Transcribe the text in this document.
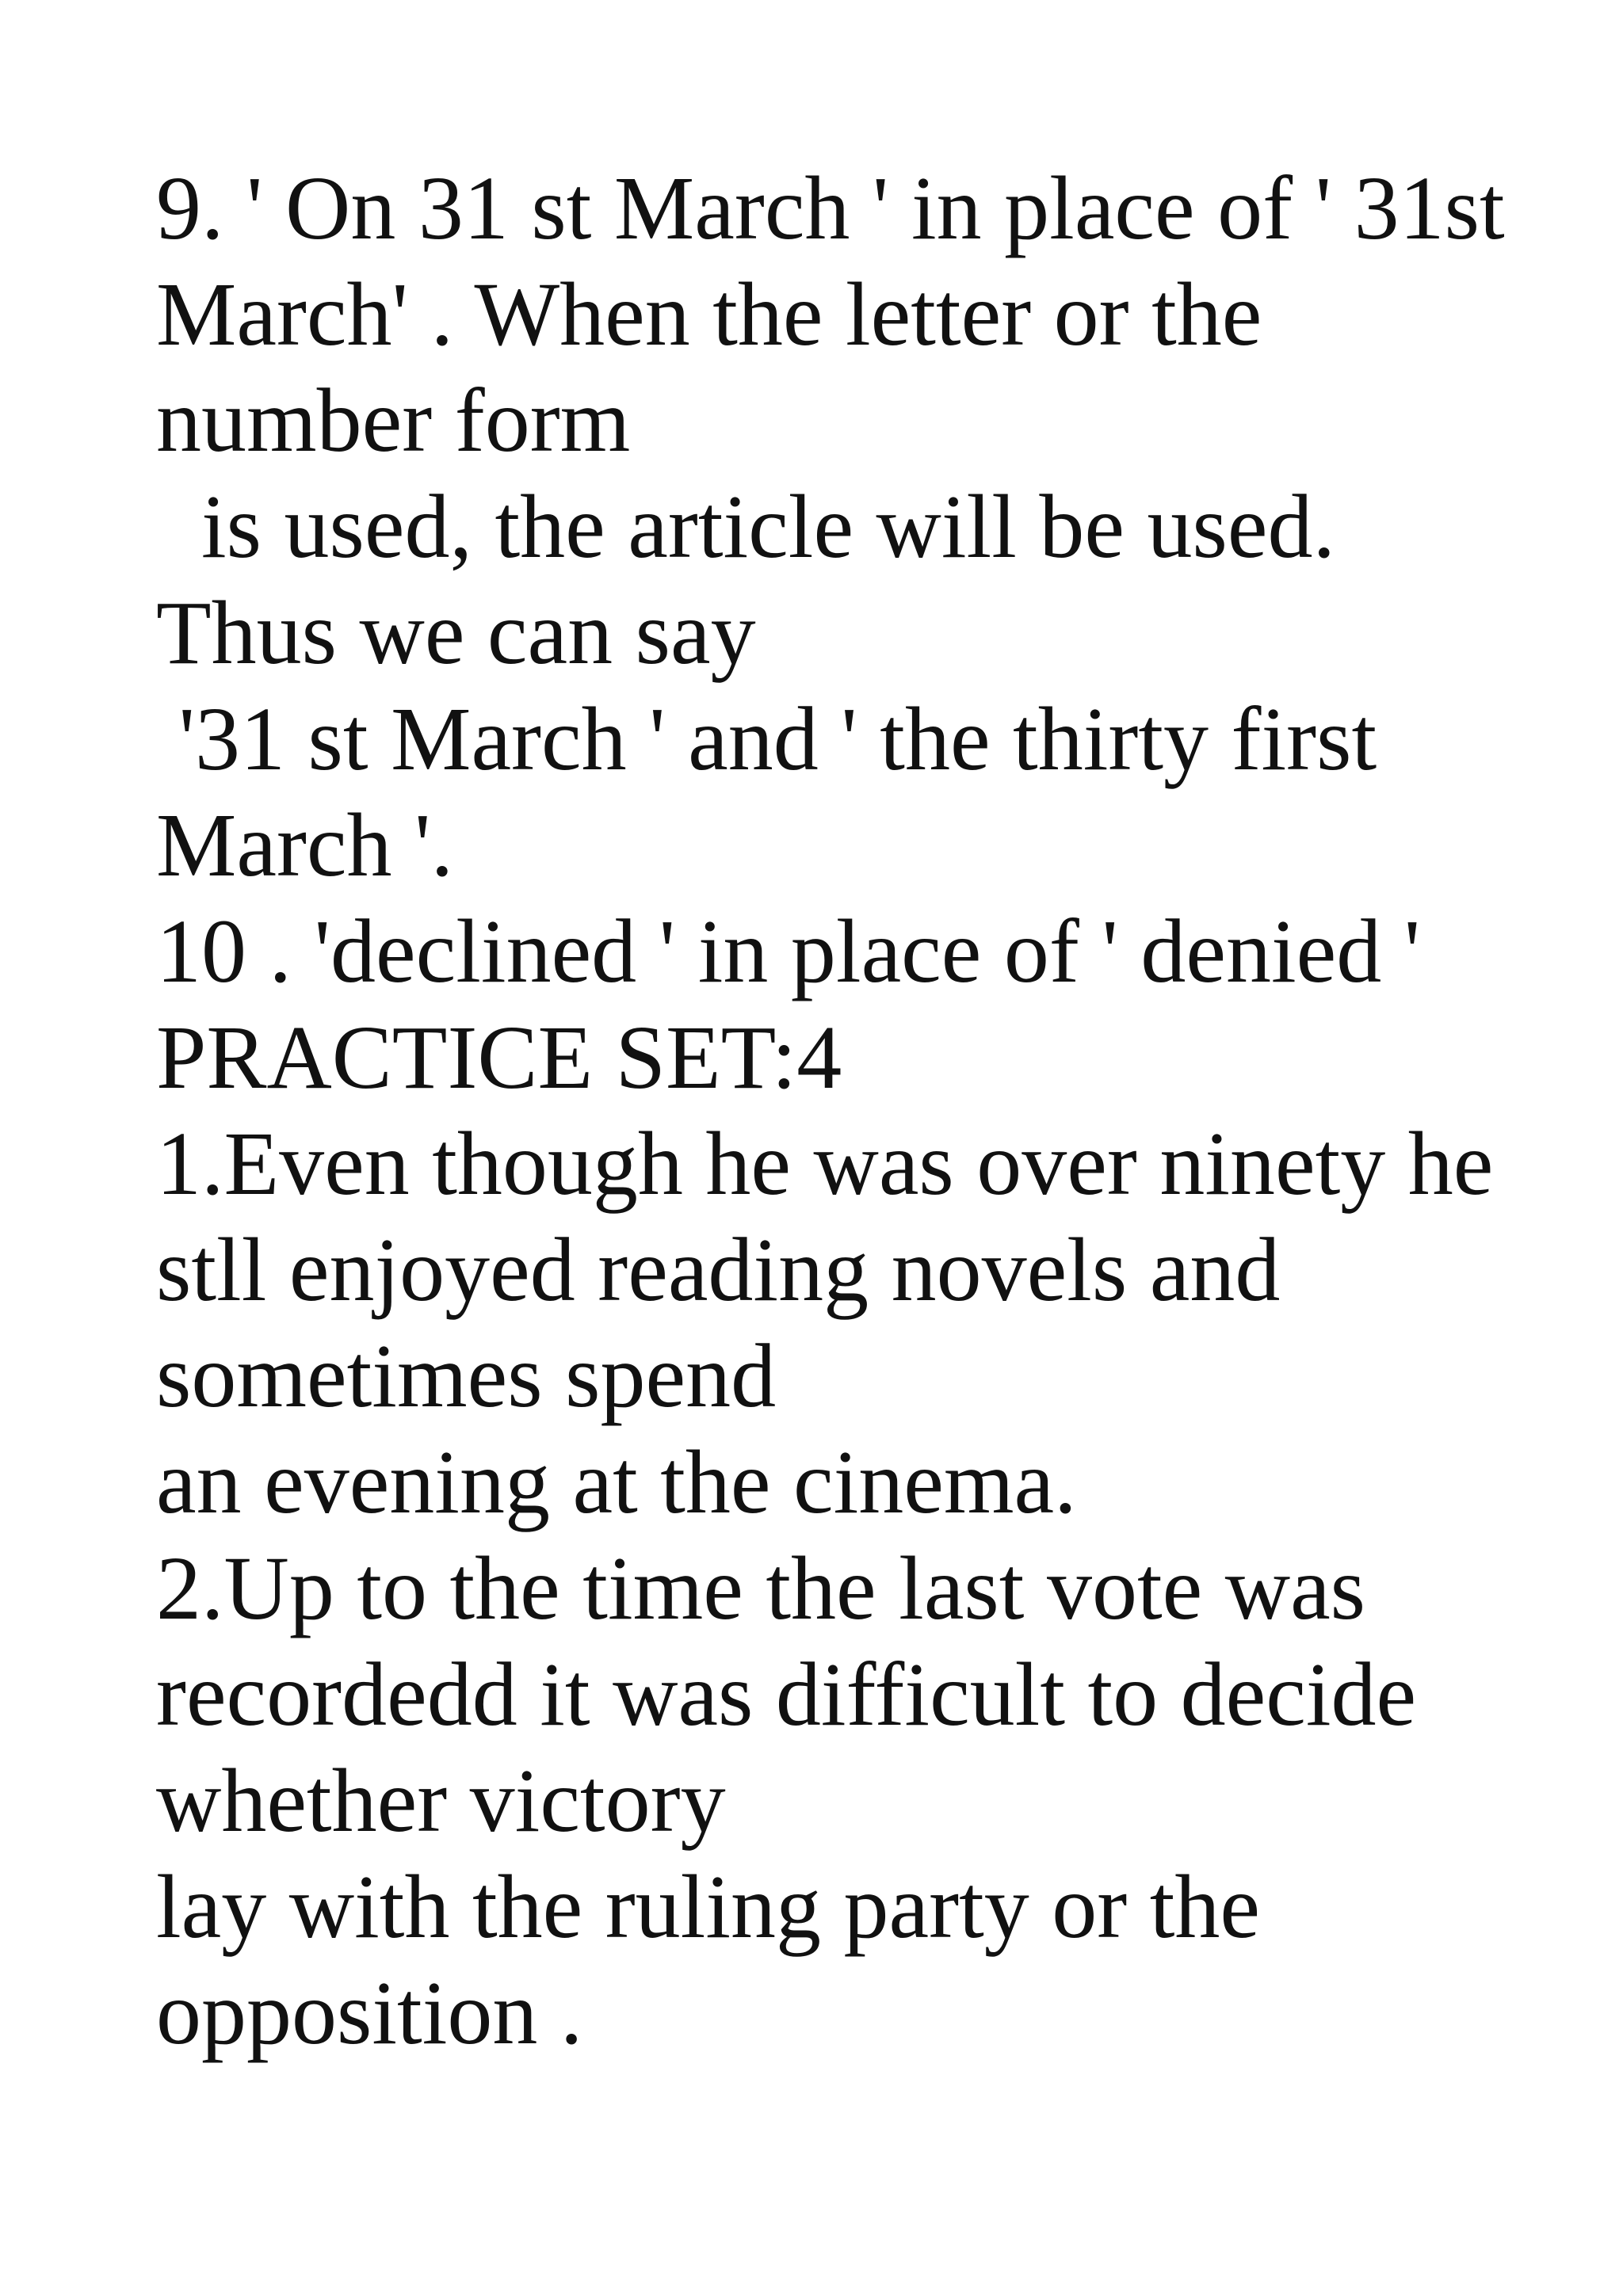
9. ' On 31 st March ' in place of ' 31st
March' . When the letter or the
number form
is used, the article will be used.
Thus we can say
'31 st March ' and ' the thirty first
March '.
10 . 'declined ' in place of ' denied '
PRACTICE SET:4
1.Even though he was over ninety he
stll enjoyed reading novels and
sometimes spend
an evening at the cinema.
2.Up to the time the last vote was
recordedd it was difficult to decide
whether victory
lay with the ruling party or the
opposition .
